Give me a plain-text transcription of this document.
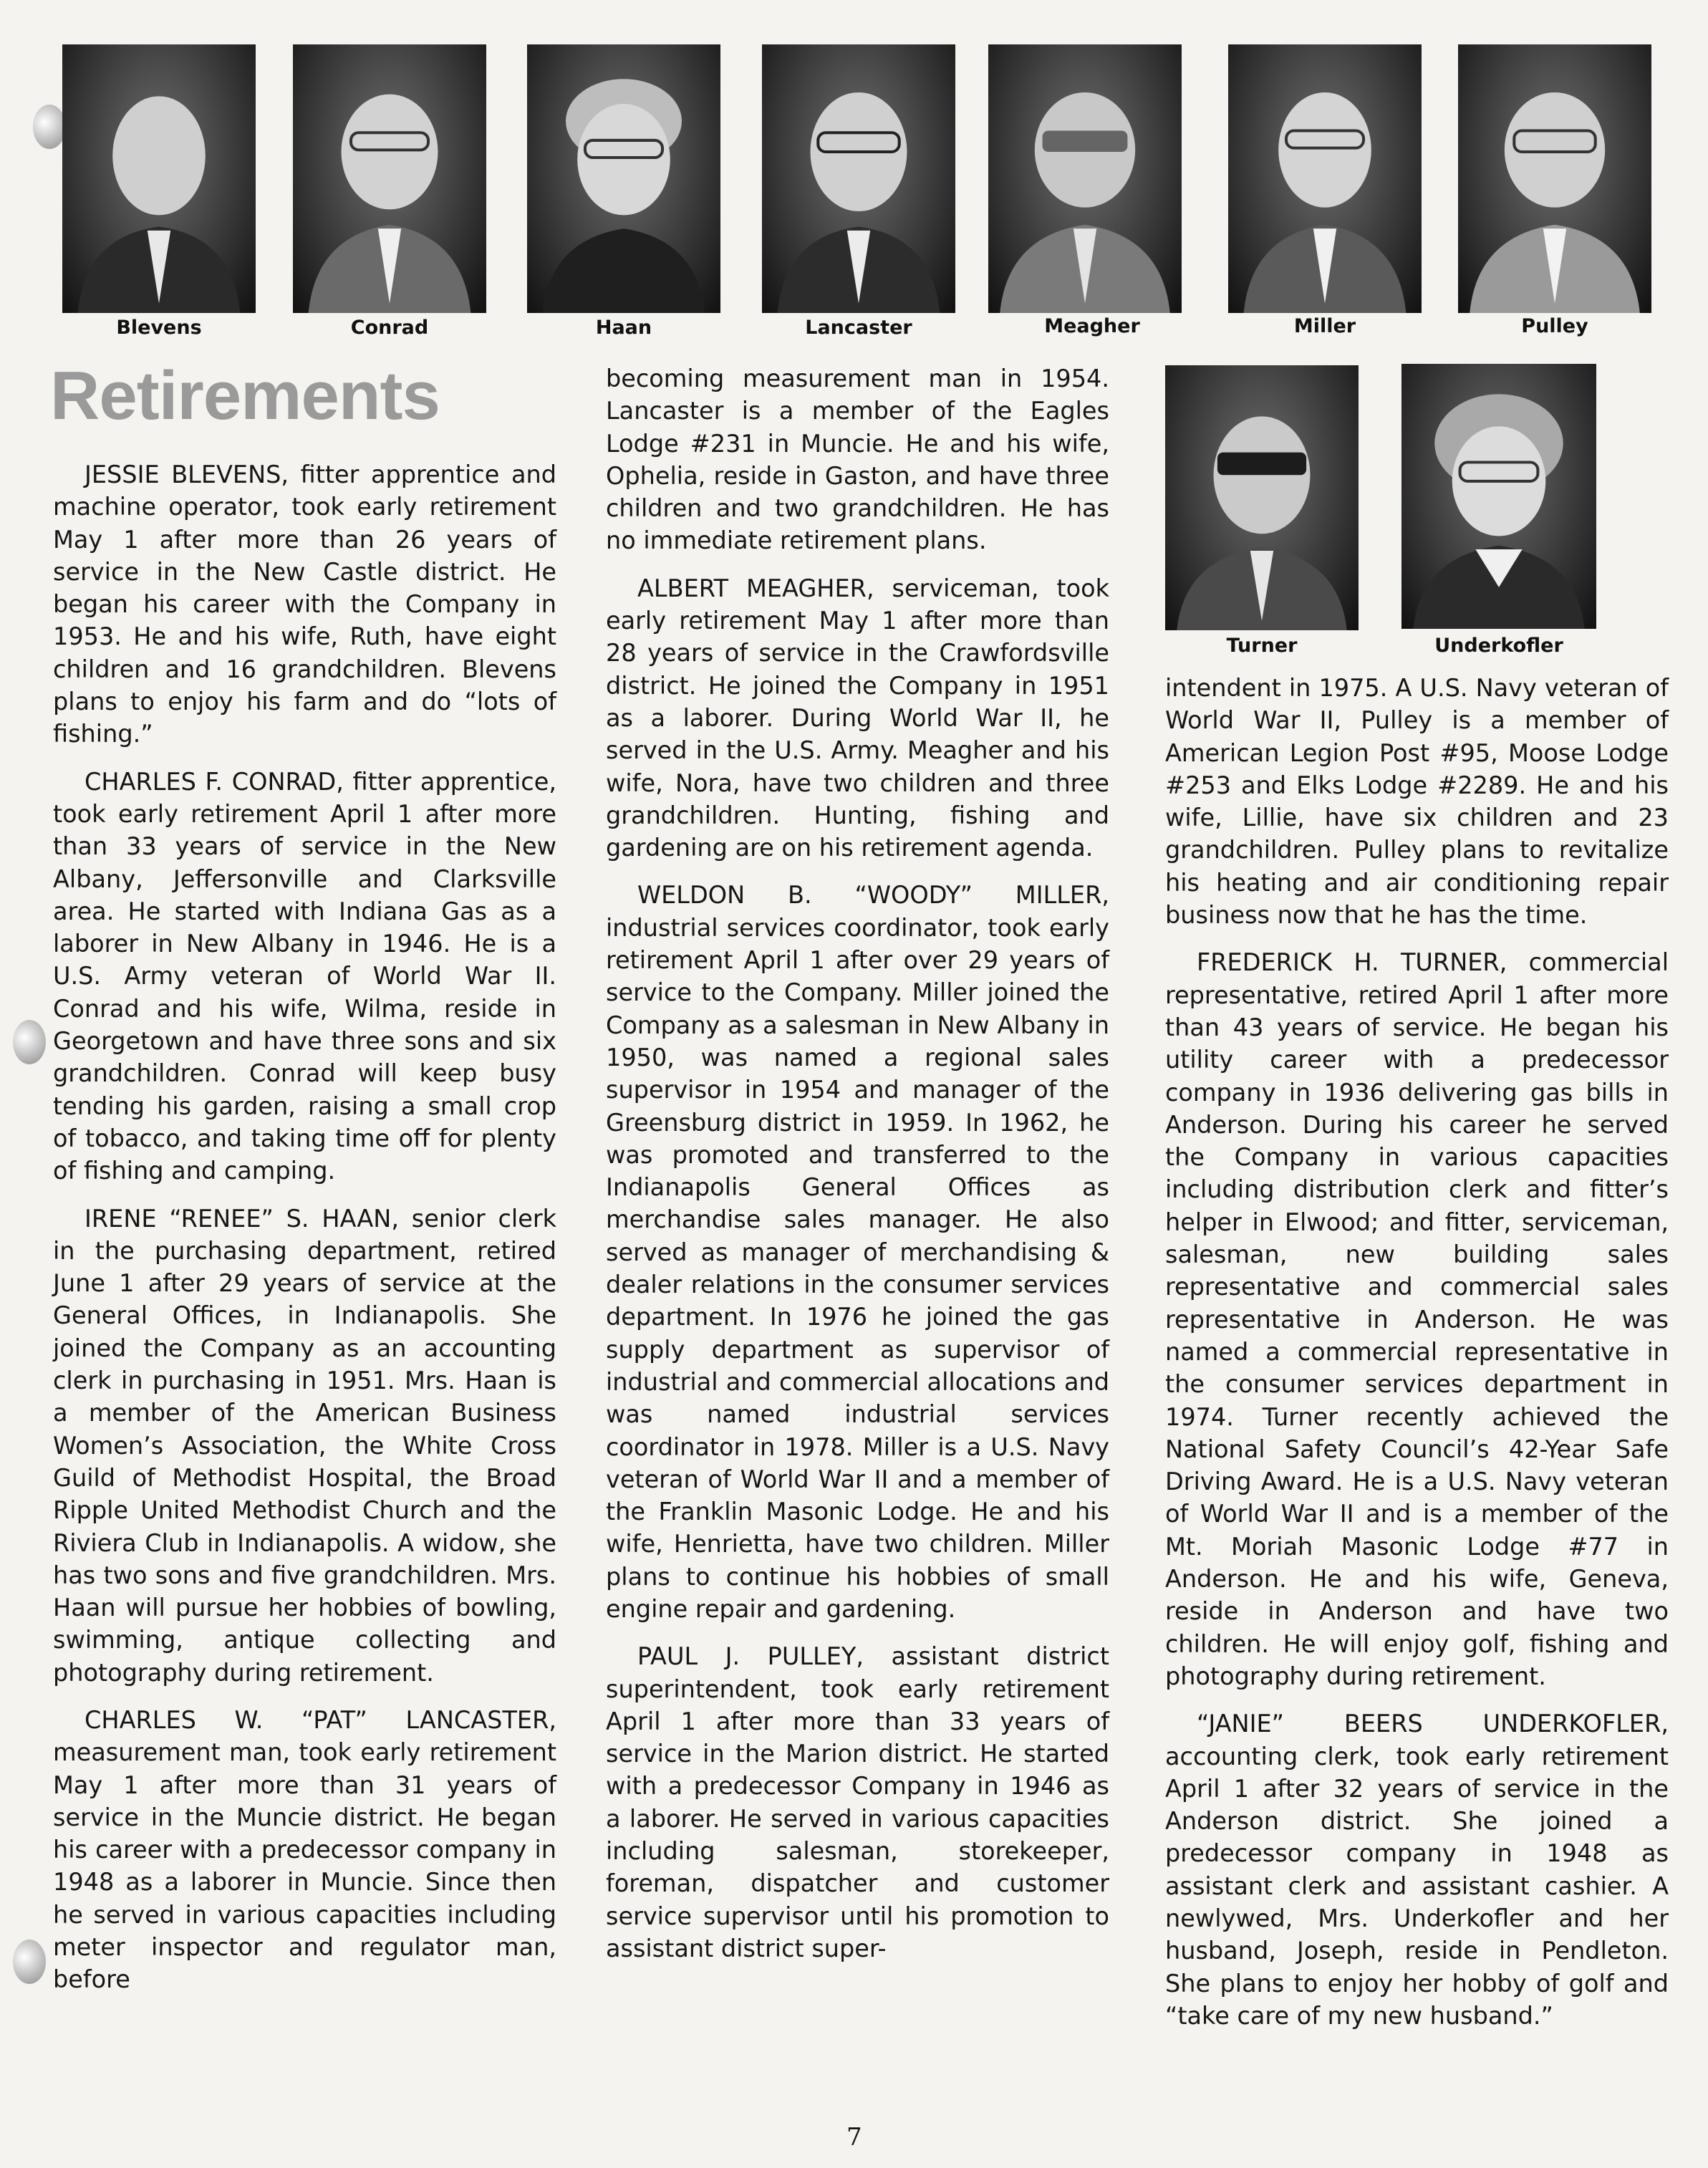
Blevens	Conrad	Haan	Lancaster	Meagher	Miller	Pulley
Turner	Underkofler
Retirements

JESSIE BLEVENS, fitter apprentice and machine operator, took early retirement May 1 after more than 26 years of service in the New Castle district. He began his career with the Company in 1953. He and his wife, Ruth, have eight children and 16 grandchildren. Blevens plans to enjoy his farm and do “lots of fishing.”

CHARLES F. CONRAD, fitter apprentice, took early retirement April 1 after more than 33 years of service in the New Albany, Jeffersonville and Clarksville area. He started with Indiana Gas as a laborer in New Albany in 1946. He is a U.S. Army veteran of World War II. Conrad and his wife, Wilma, reside in Georgetown and have three sons and six grandchildren. Conrad will keep busy tending his garden, raising a small crop of tobacco, and taking time off for plenty of fishing and camping.

IRENE “RENEE” S. HAAN, senior clerk in the purchasing department, retired June 1 after 29 years of service at the General Offices, in Indianapolis. She joined the Company as an accounting clerk in purchasing in 1951. Mrs. Haan is a member of the American Business Women’s Association, the White Cross Guild of Methodist Hospital, the Broad Ripple United Methodist Church and the Riviera Club in Indianapolis. A widow, she has two sons and five grandchildren. Mrs. Haan will pursue her hobbies of bowling, swimming, antique collecting and photography during retirement.

CHARLES W. “PAT” LANCASTER, measurement man, took early retirement May 1 after more than 31 years of service in the Muncie district. He began his career with a predecessor company in 1948 as a laborer in Muncie. Since then he served in various capacities including meter inspector and regulator man, before

becoming measurement man in 1954. Lancaster is a member of the Eagles Lodge #231 in Muncie. He and his wife, Ophelia, reside in Gaston, and have three children and two grandchildren. He has no immediate retirement plans.

ALBERT MEAGHER, serviceman, took early retirement May 1 after more than 28 years of service in the Crawfordsville district. He joined the Company in 1951 as a laborer. During World War II, he served in the U.S. Army. Meagher and his wife, Nora, have two children and three grandchildren. Hunting, fishing and gardening are on his retirement agenda.

WELDON B. “WOODY” MILLER, industrial services coordinator, took early retirement April 1 after over 29 years of service to the Company. Miller joined the Company as a salesman in New Albany in 1950, was named a regional sales supervisor in 1954 and manager of the Greensburg district in 1959. In 1962, he was promoted and transferred to the Indianapolis General Offices as merchandise sales manager. He also served as manager of merchandising & dealer relations in the consumer services department. In 1976 he joined the gas supply department as supervisor of industrial and commercial allocations and was named industrial services coordinator in 1978. Miller is a U.S. Navy veteran of World War II and a member of the Franklin Masonic Lodge. He and his wife, Henrietta, have two children. Miller plans to continue his hobbies of small engine repair and gardening.

PAUL J. PULLEY, assistant district superintendent, took early retirement April 1 after more than 33 years of service in the Marion district. He started with a predecessor Company in 1946 as a laborer. He served in various capacities including salesman, storekeeper, foreman, dispatcher and customer service supervisor until his promotion to assistant district super-

intendent in 1975. A U.S. Navy veteran of World War II, Pulley is a member of American Legion Post #95, Moose Lodge #253 and Elks Lodge #2289. He and his wife, Lillie, have six children and 23 grandchildren. Pulley plans to revitalize his heating and air conditioning repair business now that he has the time.

FREDERICK H. TURNER, commercial representative, retired April 1 after more than 43 years of service. He began his utility career with a predecessor company in 1936 delivering gas bills in Anderson. During his career he served the Company in various capacities including distribution clerk and fitter’s helper in Elwood; and fitter, serviceman, salesman, new building sales representative and commercial sales representative in Anderson. He was named a commercial representative in the consumer services department in 1974. Turner recently achieved the National Safety Council’s 42-Year Safe Driving Award. He is a U.S. Navy veteran of World War II and is a member of the Mt. Moriah Masonic Lodge #77 in Anderson. He and his wife, Geneva, reside in Anderson and have two children. He will enjoy golf, fishing and photography during retirement.

“JANIE” BEERS UNDERKOFLER, accounting clerk, took early retirement April 1 after 32 years of service in the Anderson district. She joined a predecessor company in 1948 as assistant clerk and assistant cashier. A newlywed, Mrs. Underkofler and her husband, Joseph, reside in Pendleton. She plans to enjoy her hobby of golf and “take care of my new husband.”

7
